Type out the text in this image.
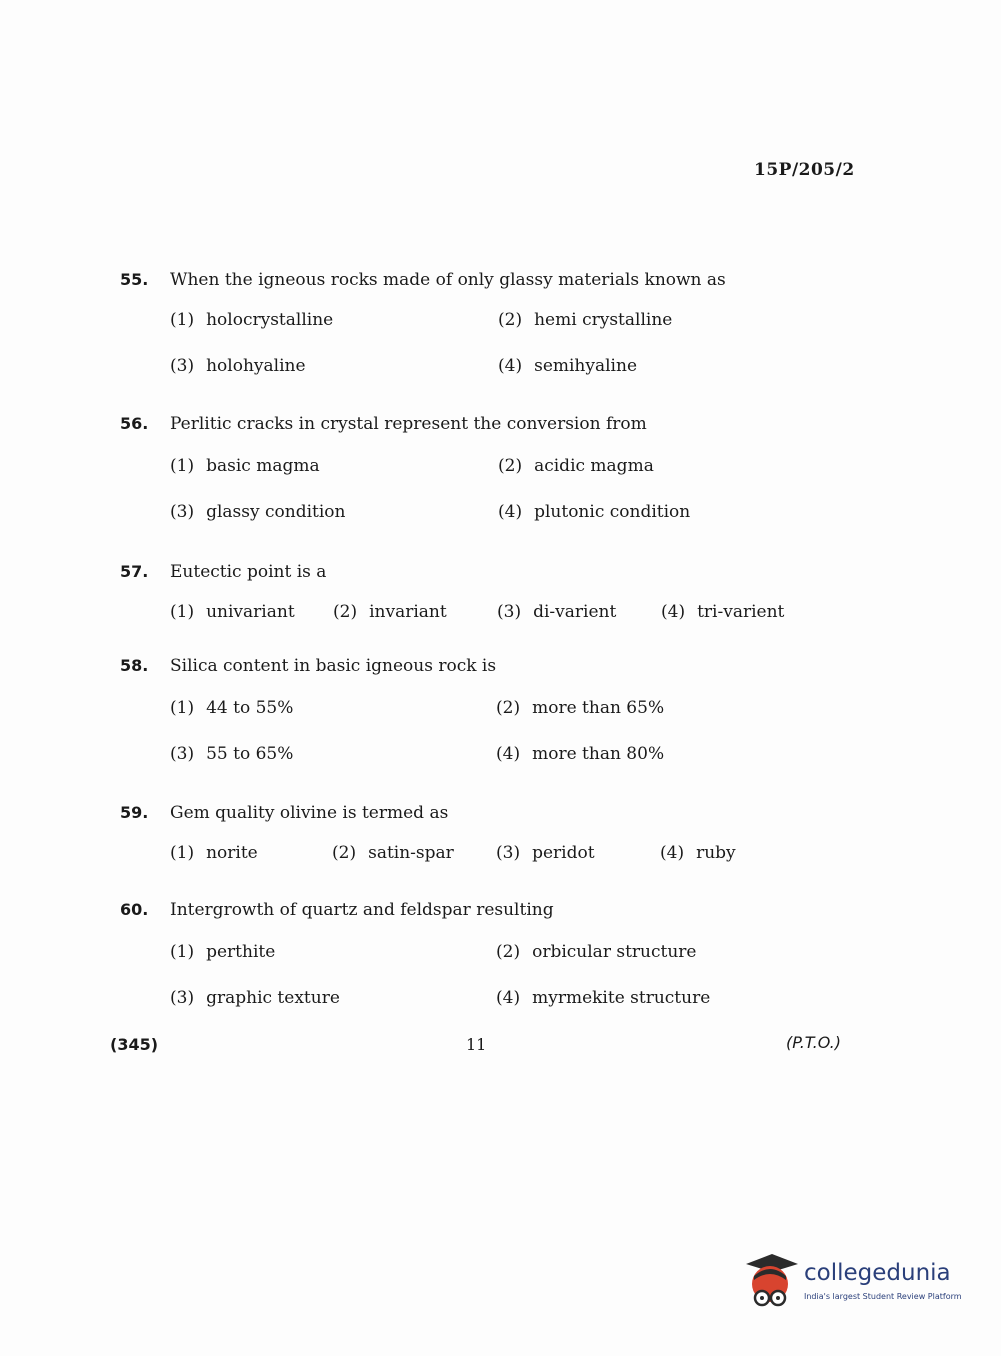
15P/205/2
55.	When the igneous rocks made of only glassy materials known as
(1) holocrystalline	(2) hemi crystalline
(3) holohyaline	(4) semihyaline
56.	Perlitic cracks in crystal represent the conversion from
(1) basic magma	(2) acidic magma
(3) glassy condition	(4) plutonic condition
57.	Eutectic point is a
(1) univariant (2) invariant	(3) di-varient	(4) tri-varient
58.	Silica content in basic igneous rock is
(1) 44 to 55%	(2) more than 65%
(3) 55 to 65%	(4) more than 80%
59.	Gem quality olivine is termed as
(1) norite	(2) satin-spar (3) peridot	(4) ruby
60.	Intergrowth of quartz and feldspar resulting
(1) perthite	(2) orbicular structure
(3) graphic texture	(4) myrmekite structure
(345)	11	(P.T.O.)
collegedunia
India's largest Student Review Platform
